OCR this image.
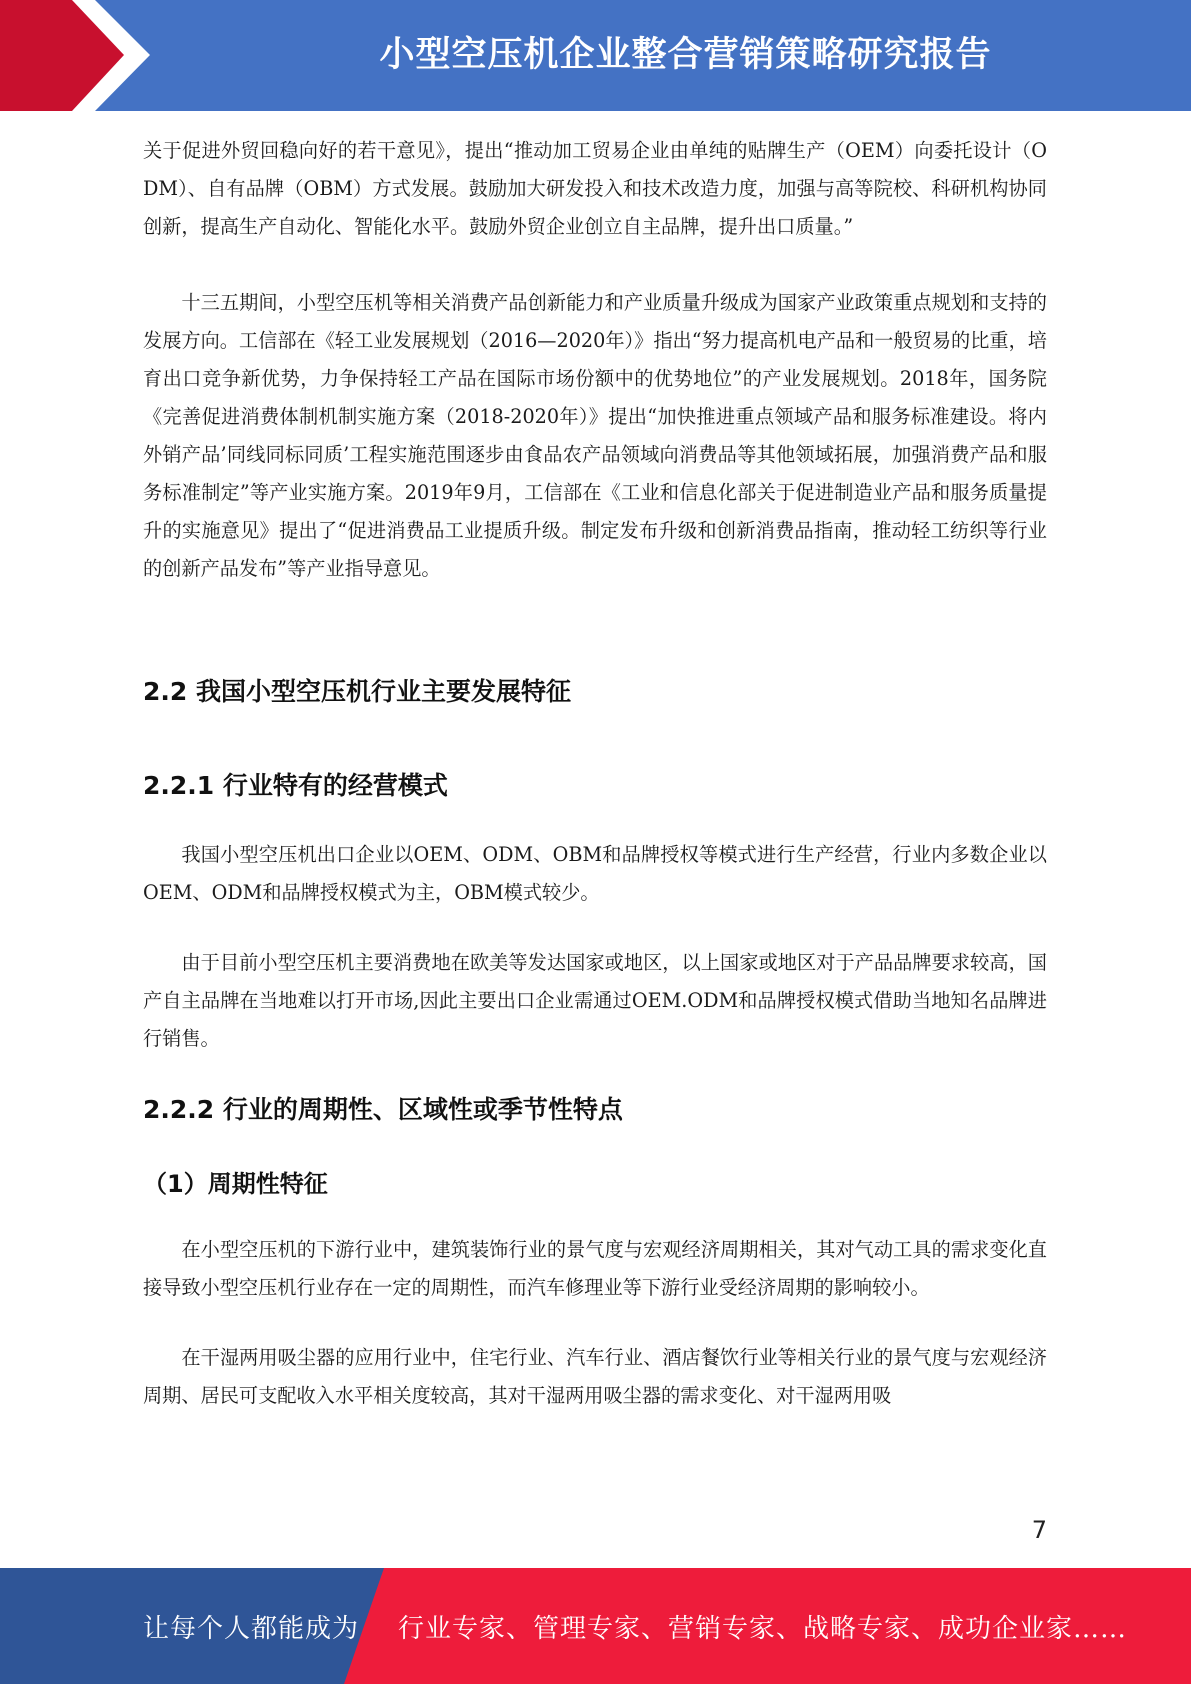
小型空压机企业整合营销策略研究报告

关于促进外贸回稳向好的若干意见》，提出“推动加工贸易企业由单纯的贴牌生产（OEM）向委托设计（ODM）、自有品牌（OBM）方式发展。鼓励加大研发投入和技术改造力度，加强与高等院校、科研机构协同创新，提高生产自动化、智能化水平。鼓励外贸企业创立自主品牌，提升出口质量。”

十三五期间，小型空压机等相关消费产品创新能力和产业质量升级成为国家产业政策重点规划和支持的发展方向。工信部在《轻工业发展规划（2016—2020年）》指出“努力提高机电产品和一般贸易的比重，培育出口竞争新优势，力争保持轻工产品在国际市场份额中的优势地位”的产业发展规划。2018年，国务院《完善促进消费体制机制实施方案（2018-2020年）》提出“加快推进重点领域产品和服务标准建设。将内外销产品’同线同标同质’工程实施范围逐步由食品农产品领域向消费品等其他领域拓展，加强消费产品和服务标准制定”等产业实施方案。2019年9月，工信部在《工业和信息化部关于促进制造业产品和服务质量提升的实施意见》提出了“促进消费品工业提质升级。制定发布升级和创新消费品指南，推动轻工纺织等行业的创新产品发布”等产业指导意见。

2.2 我国小型空压机行业主要发展特征
2.2.1 行业特有的经营模式

我国小型空压机出口企业以OEM、ODM、OBM和品牌授权等模式进行生产经营，行业内多数企业以OEM、ODM和品牌授权模式为主，OBM模式较少。

由于目前小型空压机主要消费地在欧美等发达国家或地区，以上国家或地区对于产品品牌要求较高，国产自主品牌在当地难以打开市场,因此主要出口企业需通过OEM.ODM和品牌授权模式借助当地知名品牌进行销售。

2.2.2 行业的周期性、区域性或季节性特点
（1）周期性特征

在小型空压机的下游行业中，建筑装饰行业的景气度与宏观经济周期相关，其对气动工具的需求变化直接导致小型空压机行业存在一定的周期性，而汽车修理业等下游行业受经济周期的影响较小。

在干湿两用吸尘器的应用行业中，住宅行业、汽车行业、酒店餐饮行业等相关行业的景气度与宏观经济周期、居民可支配收入水平相关度较高，其对干湿两用吸尘器的需求变化、对干湿两用吸

7
让每个人都能成为 行业专家、管理专家、营销专家、战略专家、成功企业家……
